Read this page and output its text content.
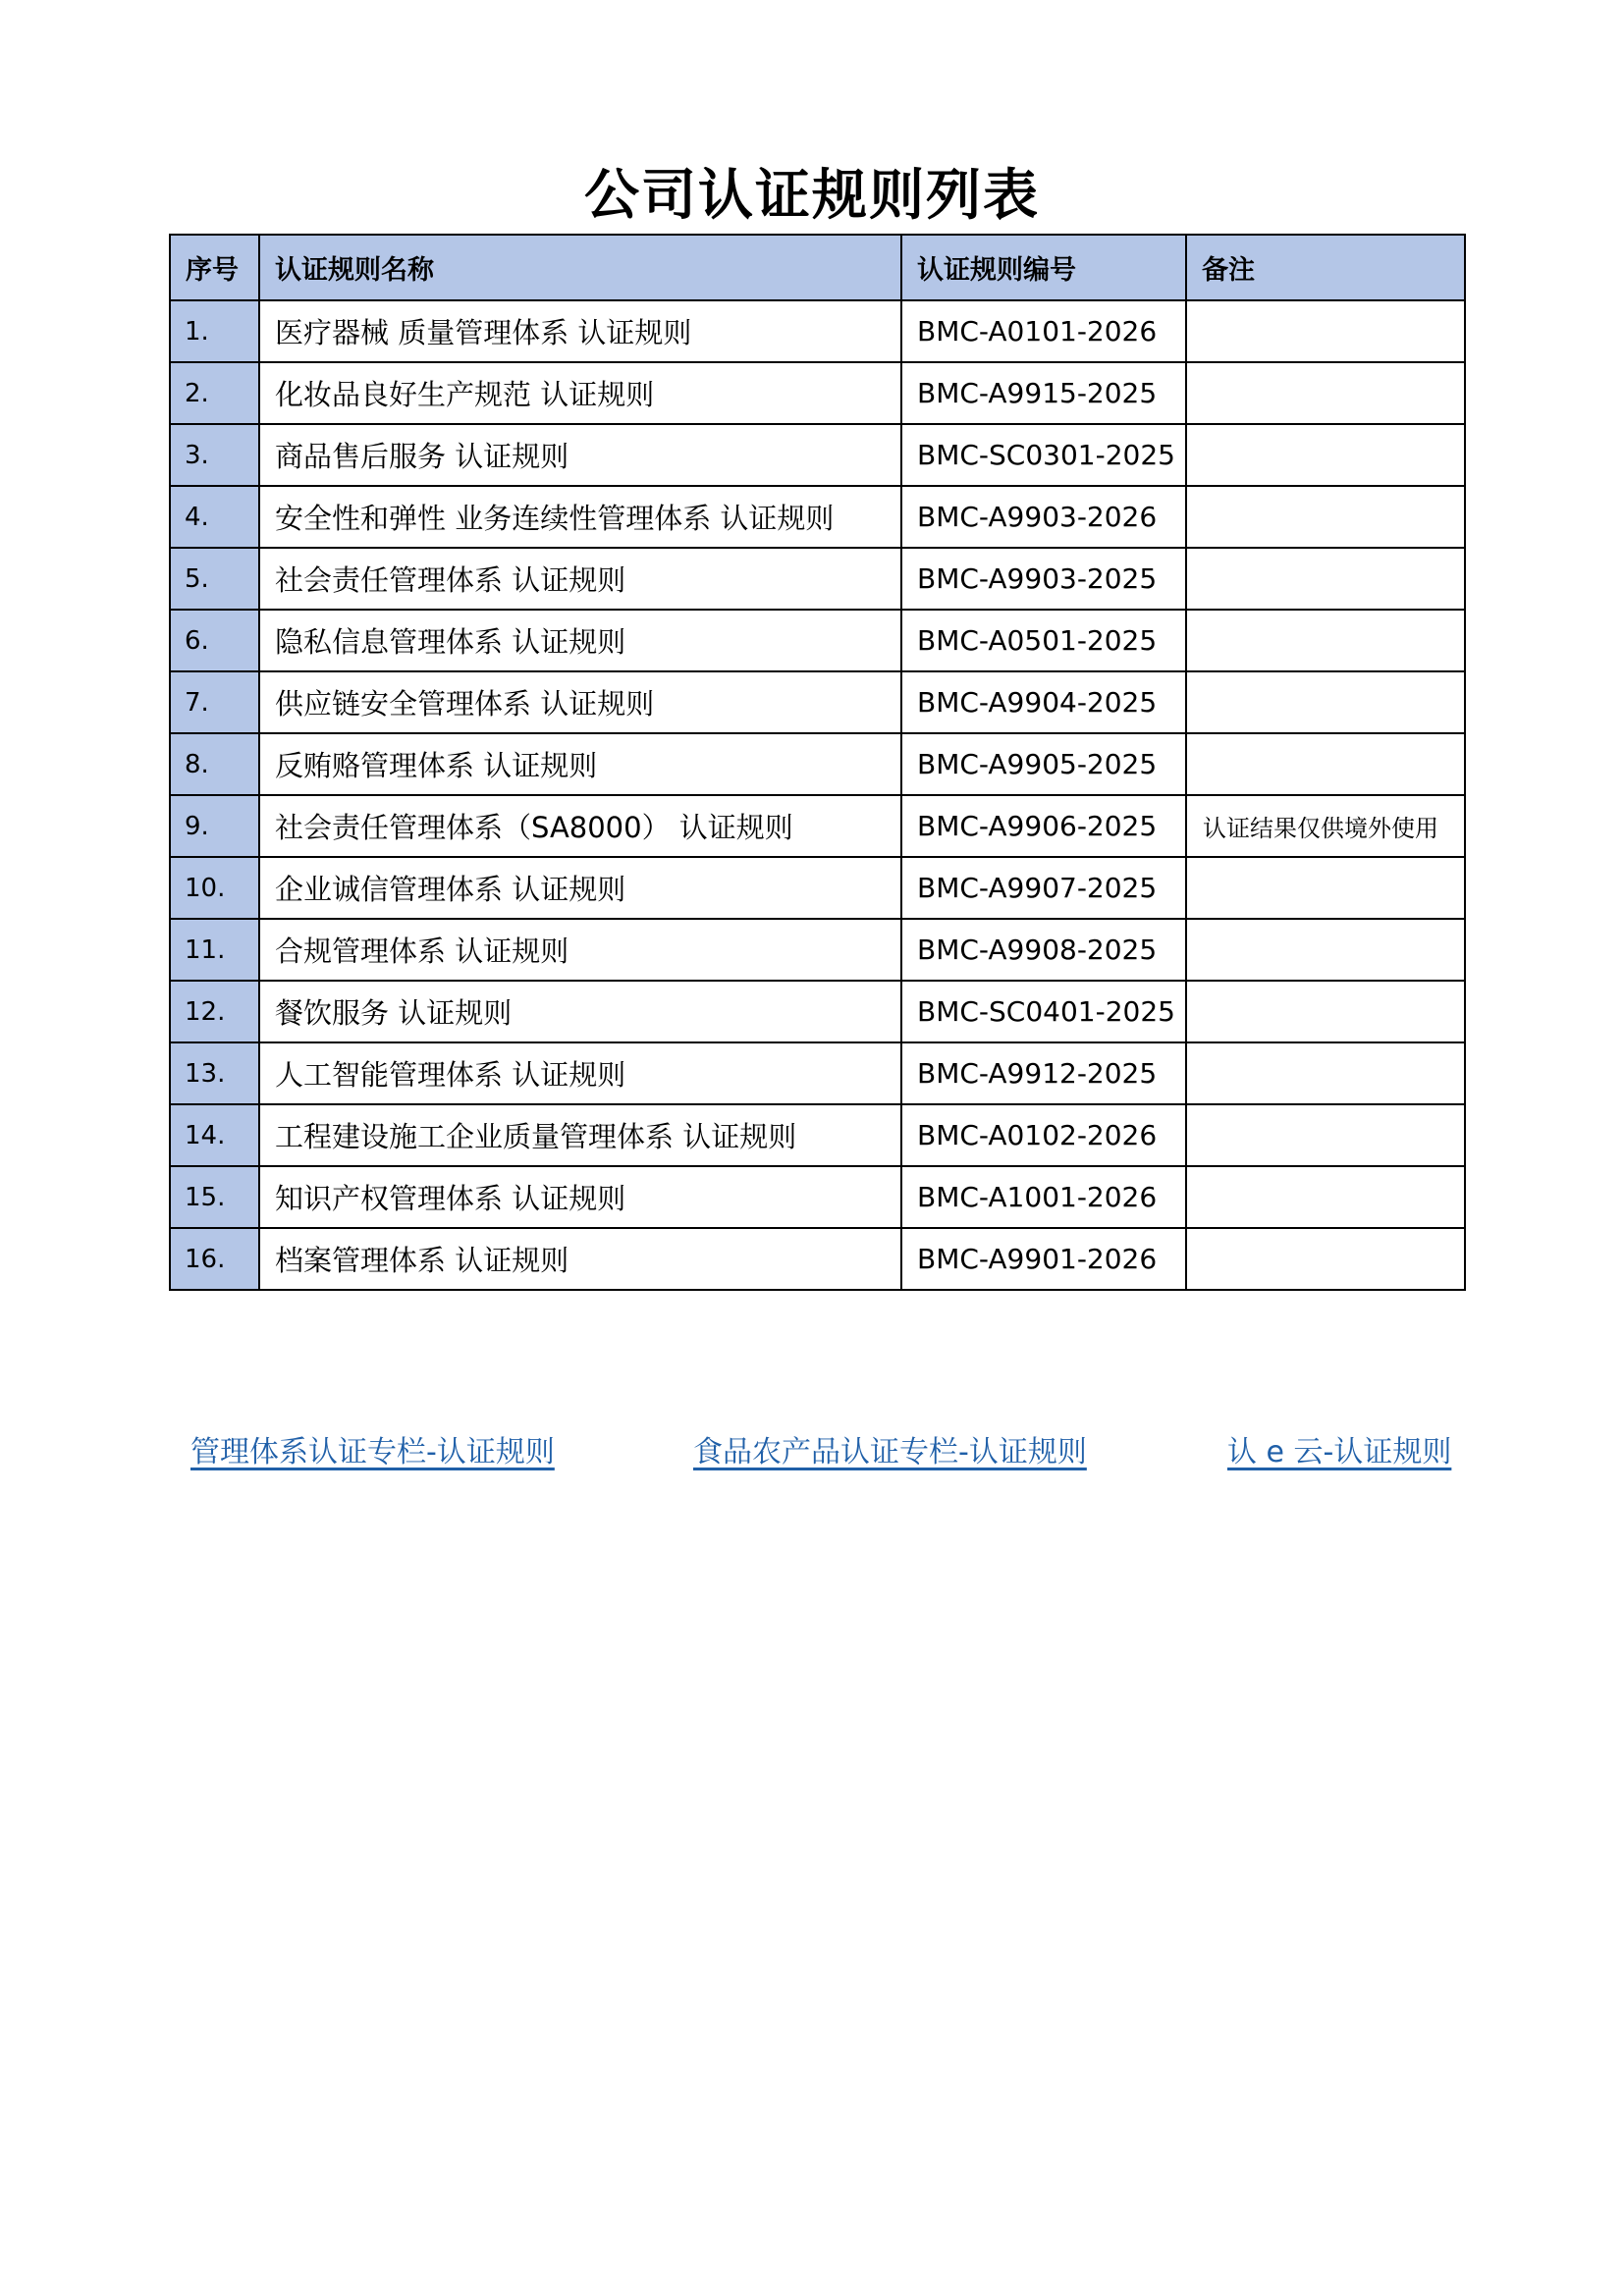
公司认证规则列表
序号	认证规则名称	认证规则编号	备注
1.	医疗器械 质量管理体系 认证规则	BMC-A0101-2026	
2.	化妆品良好生产规范 认证规则	BMC-A9915-2025	
3.	商品售后服务 认证规则	BMC-SC0301-2025	
4.	安全性和弹性 业务连续性管理体系 认证规则	BMC-A9903-2026	
5.	社会责任管理体系 认证规则	BMC-A9903-2025	
6.	隐私信息管理体系 认证规则	BMC-A0501-2025	
7.	供应链安全管理体系 认证规则	BMC-A9904-2025	
8.	反贿赂管理体系 认证规则	BMC-A9905-2025	
9.	社会责任管理体系（SA8000） 认证规则	BMC-A9906-2025	认证结果仅供境外使用
10.	企业诚信管理体系 认证规则	BMC-A9907-2025	
11.	合规管理体系 认证规则	BMC-A9908-2025	
12.	餐饮服务 认证规则	BMC-SC0401-2025	
13.	人工智能管理体系 认证规则	BMC-A9912-2025	
14.	工程建设施工企业质量管理体系 认证规则	BMC-A0102-2026	
15.	知识产权管理体系 认证规则	BMC-A1001-2026	
16.	档案管理体系 认证规则	BMC-A9901-2026	
管理体系认证专栏-认证规则	食品农产品认证专栏-认证规则	认 e 云-认证规则
